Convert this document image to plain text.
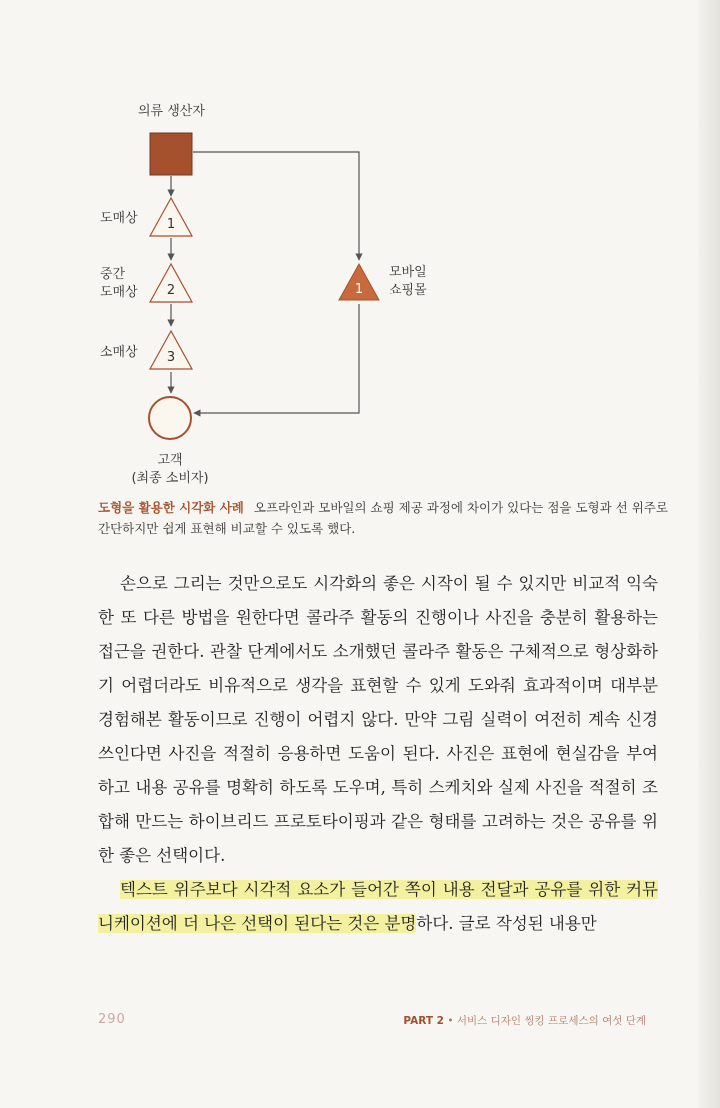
1
2
3
1
의류 생산자
도매상
중간
도매상
소매상
모바일
쇼핑몰
고객
(최종 소비자)
도형을 활용한 시각화 사례 오프라인과 모바일의 쇼핑 제공 과정에 차이가 있다는 점을 도형과 선 위주로 간단하지만 쉽게 표현해 비교할 수 있도록 했다.

손으로 그리는 것만으로도 시각화의 좋은 시작이 될 수 있지만 비교적 익숙한 또 다른 방법을 원한다면 콜라주 활동의 진행이나 사진을 충분히 활용하는 접근을 권한다. 관찰 단계에서도 소개했던 콜라주 활동은 구체적으로 형상화하기 어렵더라도 비유적으로 생각을 표현할 수 있게 도와줘 효과적이며 대부분 경험해본 활동이므로 진행이 어렵지 않다. 만약 그림 실력이 여전히 계속 신경 쓰인다면 사진을 적절히 응용하면 도움이 된다. 사진은 표현에 현실감을 부여하고 내용 공유를 명확히 하도록 도우며, 특히 스케치와 실제 사진을 적절히 조합해 만드는 하이브리드 프로토타이핑과 같은 형태를 고려하는 것은 공유를 위한 좋은 선택이다.

텍스트 위주보다 시각적 요소가 들어간 쪽이 내용 전달과 공유를 위한 커뮤니케이션에 더 나은 선택이 된다는 것은 분명하다. 글로 작성된 내용만

290	PART 2 • 서비스 디자인 씽킹 프로세스의 여섯 단계
